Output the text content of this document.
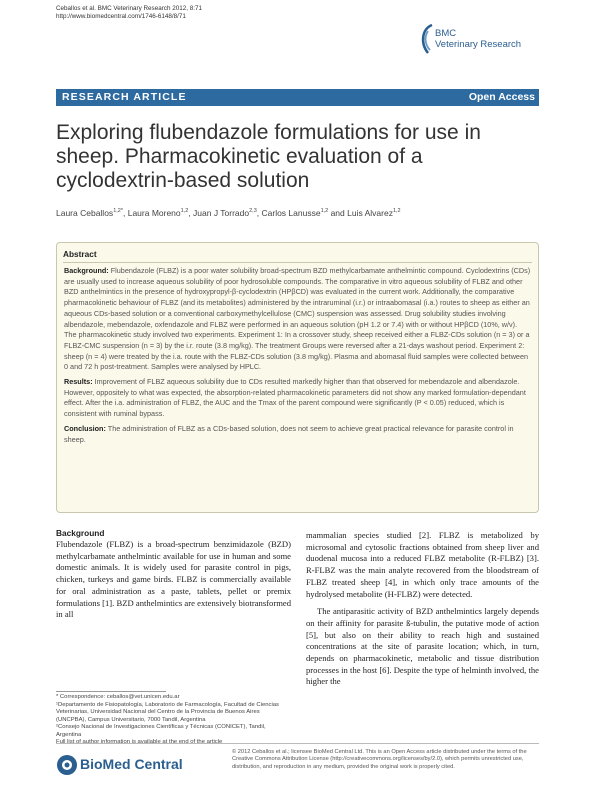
Ceballos et al. BMC Veterinary Research 2012, 8:71
http://www.biomedcentral.com/1746-6148/8/71
BMC
Veterinary Research
RESEARCH ARTICLE	Open Access
Exploring flubendazole formulations for use in sheep. Pharmacokinetic evaluation of a cyclodextrin-based solution
Laura Ceballos$^{1,2*}$, Laura Moreno$^{1,2}$, Juan J Torrado$^{2,3}$, Carlos Lanusse$^{1,2}$ and Luis Alvarez$^{1,2}$
Abstract

Background: Flubendazole (FLBZ) is a poor water solubility broad-spectrum BZD methylcarbamate anthelmintic compound. Cyclodextrins (CDs) are usually used to increase aqueous solubility of poor hydrosoluble compounds. The comparative in vitro aqueous solubility of FLBZ and other BZD anthelmintics in the presence of hydroxypropyl-β-cyclodextrin (HPβCD) was evaluated in the current work. Additionally, the comparative pharmacokinetic behaviour of FLBZ (and its metabolites) administered by the intraruminal (i.r.) or intraabomasal (i.a.) routes to sheep as either an aqueous CDs-based solution or a conventional carboxymethylcellulose (CMC) suspension was assessed. Drug solubility studies involving albendazole, mebendazole, oxfendazole and FLBZ were performed in an aqueous solution (pH 1.2 or 7.4) with or without HPβCD (10%, w/v). The pharmacokinetic study involved two experiments. Experiment 1: In a crossover study, sheep received either a FLBZ-CDs solution (n = 3) or a FLBZ-CMC suspension (n = 3) by the i.r. route (3.8 mg/kg). The treatment Groups were reversed after a 21-days washout period. Experiment 2: sheep (n = 4) were treated by the i.a. route with the FLBZ-CDs solution (3.8 mg/kg). Plasma and abomasal fluid samples were collected between 0 and 72 h post-treatment. Samples were analysed by HPLC.

Results: Improvement of FLBZ aqueous solubility due to CDs resulted markedly higher than that observed for mebendazole and albendazole. However, oppositely to what was expected, the absorption-related pharmacokinetic parameters did not show any marked formulation-dependant effect. After the i.a. administration of FLBZ, the AUC and the Tmax of the parent compound were significantly (P < 0.05) reduced, which is consistent with ruminal bypass.

Conclusion: The administration of FLBZ as a CDs-based solution, does not seem to achieve great practical relevance for parasite control in sheep.

Background

Flubendazole (FLBZ) is a broad-spectrum benzimidazole (BZD) methylcarbamate anthelmintic available for use in human and some domestic animals. It is widely used for parasite control in pigs, chicken, turkeys and game birds. FLBZ is commercially available for oral administration as a paste, tablets, pellet or premix formulations [1]. BZD anthelmintics are extensively biotransformed in all

mammalian species studied [2]. FLBZ is metabolized by microsomal and cytosolic fractions obtained from sheep liver and duodenal mucosa into a reduced FLBZ metabolite (R-FLBZ) [3]. R-FLBZ was the main analyte recovered from the bloodstream of FLBZ treated sheep [4], in which only trace amounts of the hydrolysed metabolite (H-FLBZ) were detected.

The antiparasitic activity of BZD anthelmintics largely depends on their affinity for parasite ß-tubulin, the putative mode of action [5], but also on their ability to reach high and sustained concentrations at the site of parasite location; which, in turn, depends on pharmacokinetic, metabolic and tissue distribution processes in the host [6]. Despite the type of helminth involved, the higher the

* Correspondence: ceballos@vet.unicen.edu.ar
¹Departamento de Fisiopatología, Laboratorio de Farmacología, Facultad de Ciencias Veterinarias, Universidad Nacional del Centro de la Provincia de Buenos Aires (UNCPBA), Campus Universitario, 7000 Tandil, Argentina
²Consejo Nacional de Investigaciones Científicas y Técnicas (CONICET), Tandil, Argentina
Full list of author information is available at the end of the article
BioMed Central
© 2012 Ceballos et al.; licensee BioMed Central Ltd. This is an Open Access article distributed under the terms of the Creative Commons Attribution License (http://creativecommons.org/licenses/by/2.0), which permits unrestricted use, distribution, and reproduction in any medium, provided the original work is properly cited.
